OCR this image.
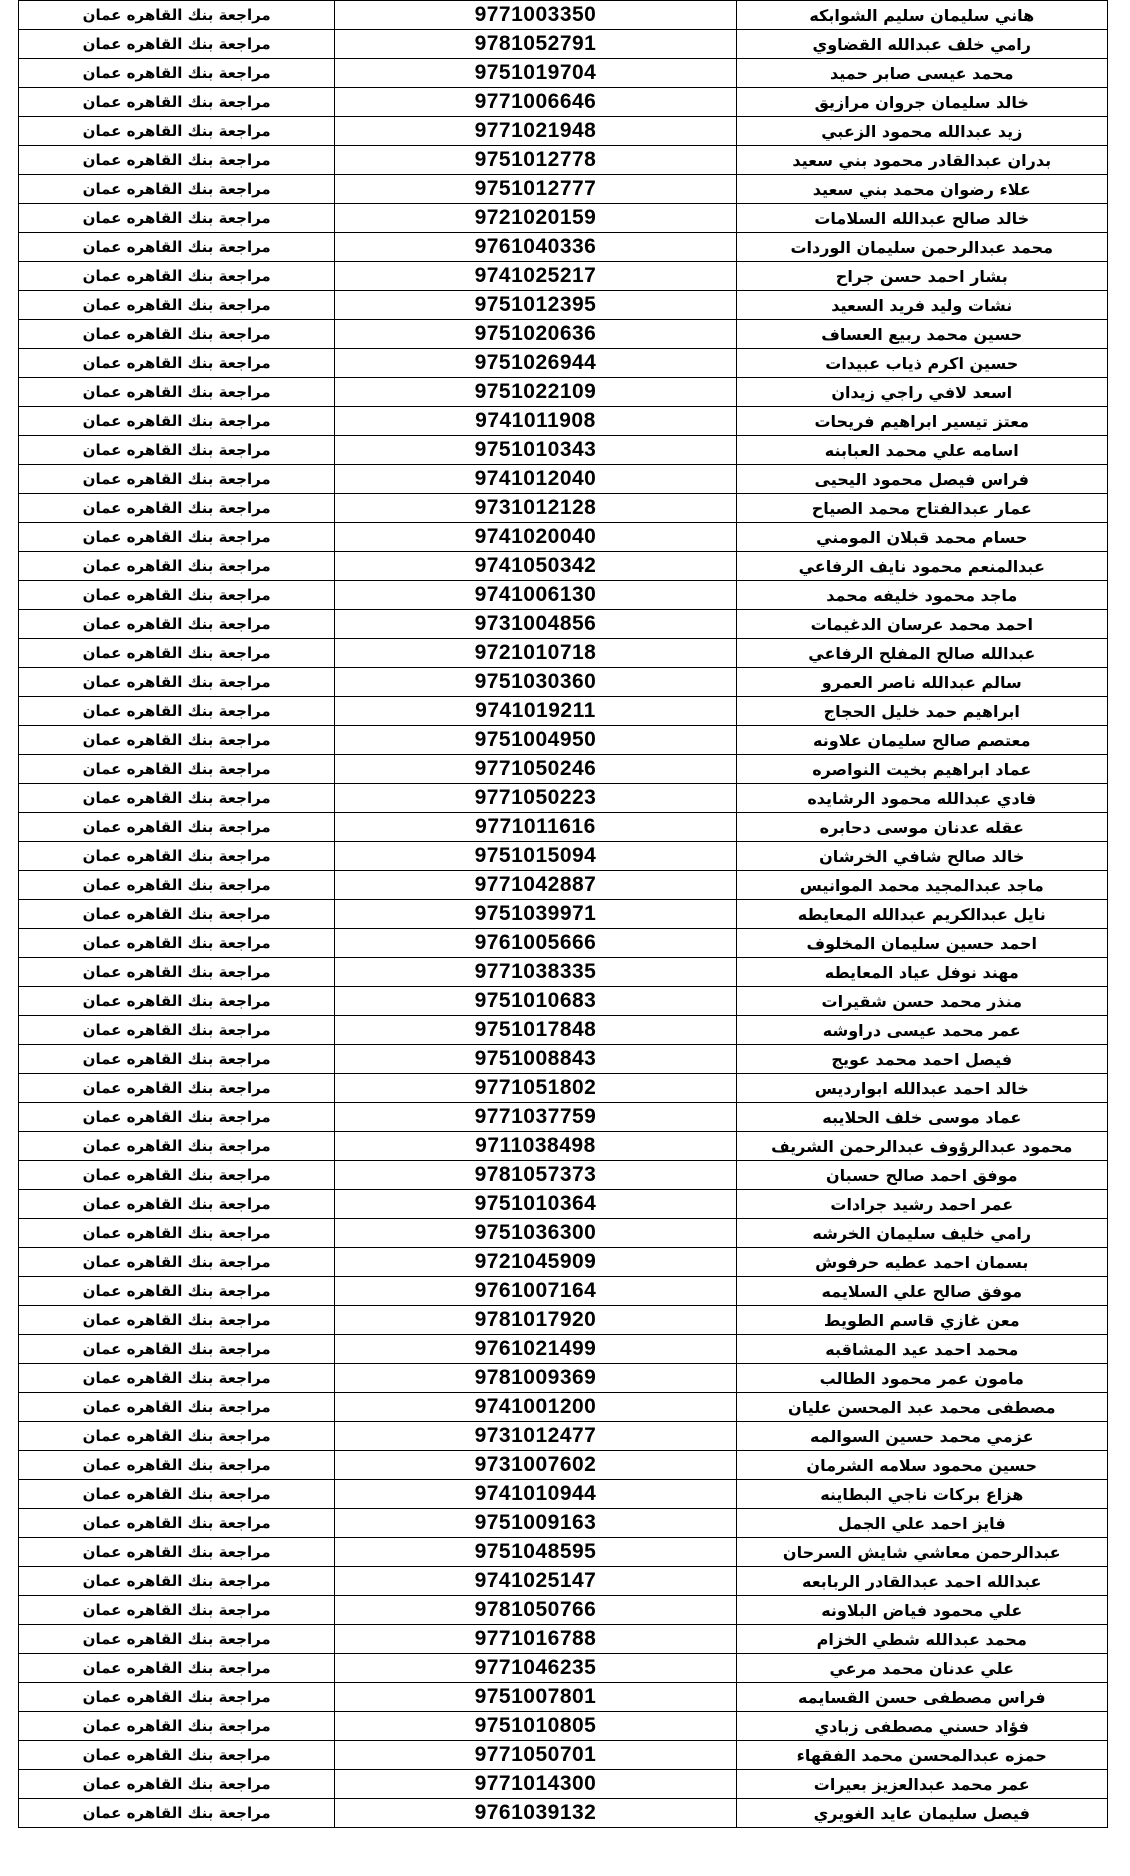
مراجعة بنك القاهره عمان	9771003350	هاني سليمان سليم الشوابكه
مراجعة بنك القاهره عمان	9781052791	رامي خلف عبدالله القضاوي
مراجعة بنك القاهره عمان	9751019704	محمد عيسى صابر حميد
مراجعة بنك القاهره عمان	9771006646	خالد سليمان جروان مرازيق
مراجعة بنك القاهره عمان	9771021948	زيد عبدالله محمود الزعبي
مراجعة بنك القاهره عمان	9751012778	بدران عبدالقادر محمود بني سعيد
مراجعة بنك القاهره عمان	9751012777	علاء رضوان محمد بني سعيد
مراجعة بنك القاهره عمان	9721020159	خالد صالح عبدالله السلامات
مراجعة بنك القاهره عمان	9761040336	محمد عبدالرحمن سليمان الوردات
مراجعة بنك القاهره عمان	9741025217	بشار احمد حسن جراح
مراجعة بنك القاهره عمان	9751012395	نشات وليد فريد السعيد
مراجعة بنك القاهره عمان	9751020636	حسين محمد ربيع العساف
مراجعة بنك القاهره عمان	9751026944	حسين اكرم ذياب عبيدات
مراجعة بنك القاهره عمان	9751022109	اسعد لافي راجي زيدان
مراجعة بنك القاهره عمان	9741011908	معتز تيسير ابراهيم فريحات
مراجعة بنك القاهره عمان	9751010343	اسامه علي محمد العبابنه
مراجعة بنك القاهره عمان	9741012040	فراس فيصل محمود اليحيى
مراجعة بنك القاهره عمان	9731012128	عمار عبدالفتاح محمد الصياح
مراجعة بنك القاهره عمان	9741020040	حسام محمد قبلان المومني
مراجعة بنك القاهره عمان	9741050342	عبدالمنعم محمود نايف الرفاعي
مراجعة بنك القاهره عمان	9741006130	ماجد محمود خليفه محمد
مراجعة بنك القاهره عمان	9731004856	احمد محمد عرسان الدغيمات
مراجعة بنك القاهره عمان	9721010718	عبدالله صالح المفلح الرفاعي
مراجعة بنك القاهره عمان	9751030360	سالم عبدالله ناصر العمرو
مراجعة بنك القاهره عمان	9741019211	ابراهيم حمد خليل الحجاج
مراجعة بنك القاهره عمان	9751004950	معتصم صالح سليمان علاونه
مراجعة بنك القاهره عمان	9771050246	عماد ابراهيم بخيت النواصره
مراجعة بنك القاهره عمان	9771050223	فادي عبدالله محمود الرشايده
مراجعة بنك القاهره عمان	9771011616	عقله عدنان موسى دحابره
مراجعة بنك القاهره عمان	9751015094	خالد صالح شافي الخرشان
مراجعة بنك القاهره عمان	9771042887	ماجد عبدالمجيد محمد الموانيس
مراجعة بنك القاهره عمان	9751039971	نايل عبدالكريم عبدالله المعايطه
مراجعة بنك القاهره عمان	9761005666	احمد حسين سليمان المخلوف
مراجعة بنك القاهره عمان	9771038335	مهند نوفل عياد المعايطه
مراجعة بنك القاهره عمان	9751010683	منذر محمد حسن شقيرات
مراجعة بنك القاهره عمان	9751017848	عمر محمد عيسى دراوشه
مراجعة بنك القاهره عمان	9751008843	فيصل احمد محمد عويج
مراجعة بنك القاهره عمان	9771051802	خالد احمد عبدالله ابوارديس
مراجعة بنك القاهره عمان	9771037759	عماد موسى خلف الحلايبه
مراجعة بنك القاهره عمان	9711038498	محمود عبدالرؤوف عبدالرحمن الشريف
مراجعة بنك القاهره عمان	9781057373	موفق احمد صالح حسبان
مراجعة بنك القاهره عمان	9751010364	عمر احمد رشيد جرادات
مراجعة بنك القاهره عمان	9751036300	رامي خليف سليمان الخرشه
مراجعة بنك القاهره عمان	9721045909	بسمان احمد عطيه حرفوش
مراجعة بنك القاهره عمان	9761007164	موفق صالح علي السلايمه
مراجعة بنك القاهره عمان	9781017920	معن غازي قاسم الطويط
مراجعة بنك القاهره عمان	9761021499	محمد احمد عيد المشاقبه
مراجعة بنك القاهره عمان	9781009369	مامون عمر محمود الطالب
مراجعة بنك القاهره عمان	9741001200	مصطفى محمد عبد المحسن عليان
مراجعة بنك القاهره عمان	9731012477	عزمي محمد حسين السوالمه
مراجعة بنك القاهره عمان	9731007602	حسين محمود سلامه الشرمان
مراجعة بنك القاهره عمان	9741010944	هزاع بركات ناجي البطاينه
مراجعة بنك القاهره عمان	9751009163	فايز احمد علي الجمل
مراجعة بنك القاهره عمان	9751048595	عبدالرحمن معاشي شايش السرحان
مراجعة بنك القاهره عمان	9741025147	عبدالله احمد عبدالقادر الربابعه
مراجعة بنك القاهره عمان	9781050766	علي محمود فياض البلاونه
مراجعة بنك القاهره عمان	9771016788	محمد عبدالله شطي الخزام
مراجعة بنك القاهره عمان	9771046235	علي عدنان محمد مرعي
مراجعة بنك القاهره عمان	9751007801	فراس مصطفى حسن القسايمه
مراجعة بنك القاهره عمان	9751010805	فؤاد حسني مصطفى زبادي
مراجعة بنك القاهره عمان	9771050701	حمزه عبدالمحسن محمد الفقهاء
مراجعة بنك القاهره عمان	9771014300	عمر محمد عبدالعزيز بعيرات
مراجعة بنك القاهره عمان	9761039132	فيصل سليمان عايد الغويري
